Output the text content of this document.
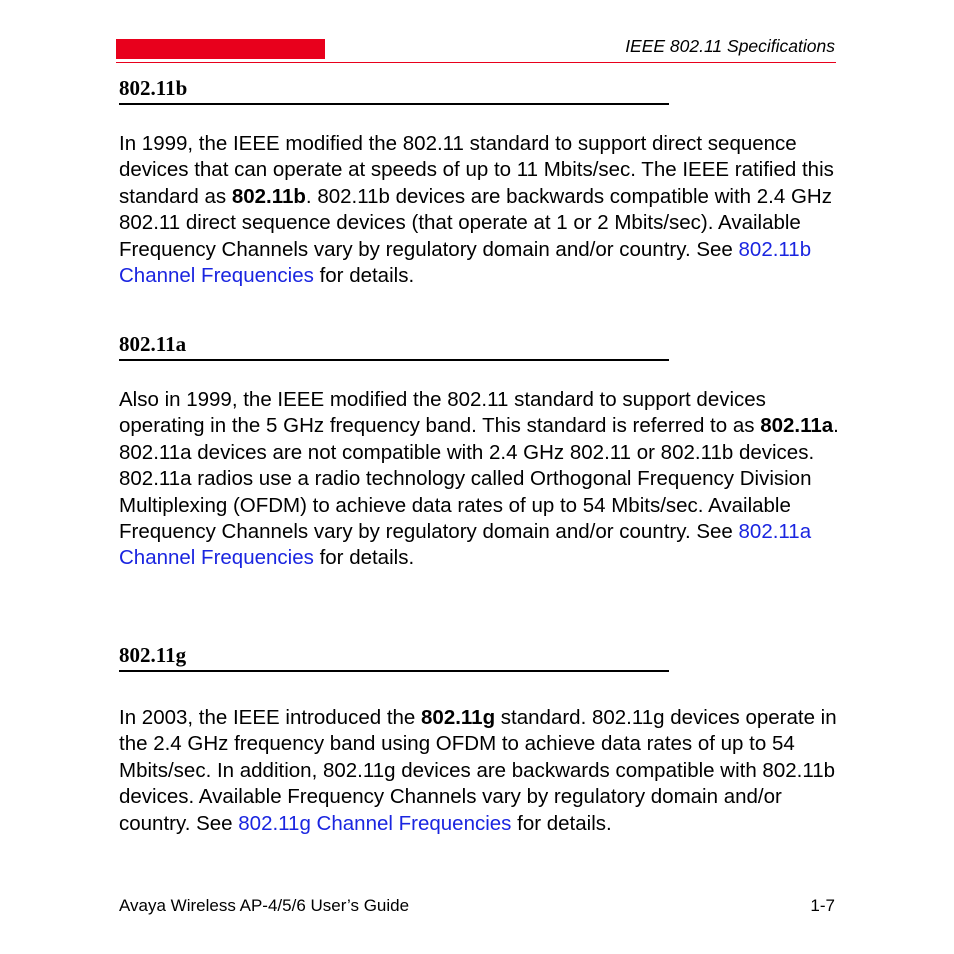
IEEE 802.11 Specifications
802.11b

In 1999, the IEEE modified the 802.11 standard to support direct sequence devices that can operate at speeds of up to 11 Mbits/sec. The IEEE ratified this standard as 802.11b. 802.11b devices are backwards compatible with 2.4 GHz 802.11 direct sequence devices (that operate at 1 or 2 Mbits/sec). Available Frequency Channels vary by regulatory domain and/or country. See 802.11b Channel Frequencies for details.

802.11a

Also in 1999, the IEEE modified the 802.11 standard to support devices operating in the 5 GHz frequency band. This standard is referred to as 802.11a. 802.11a devices are not compatible with 2.4 GHz 802.11 or 802.11b devices. 802.11a radios use a radio technology called Orthogonal Frequency Division Multiplexing (OFDM) to achieve data rates of up to 54 Mbits/sec. Available Frequency Channels vary by regulatory domain and/or country. See 802.11a Channel Frequencies for details.

802.11g

In 2003, the IEEE introduced the 802.11g standard. 802.11g devices operate in the 2.4 GHz frequency band using OFDM to achieve data rates of up to 54 Mbits/sec. In addition, 802.11g devices are backwards compatible with 802.11b devices. Available Frequency Channels vary by regulatory domain and/or country. See 802.11g Channel Frequencies for details.

Avaya Wireless AP-4/5/6 User’s Guide	1-7
